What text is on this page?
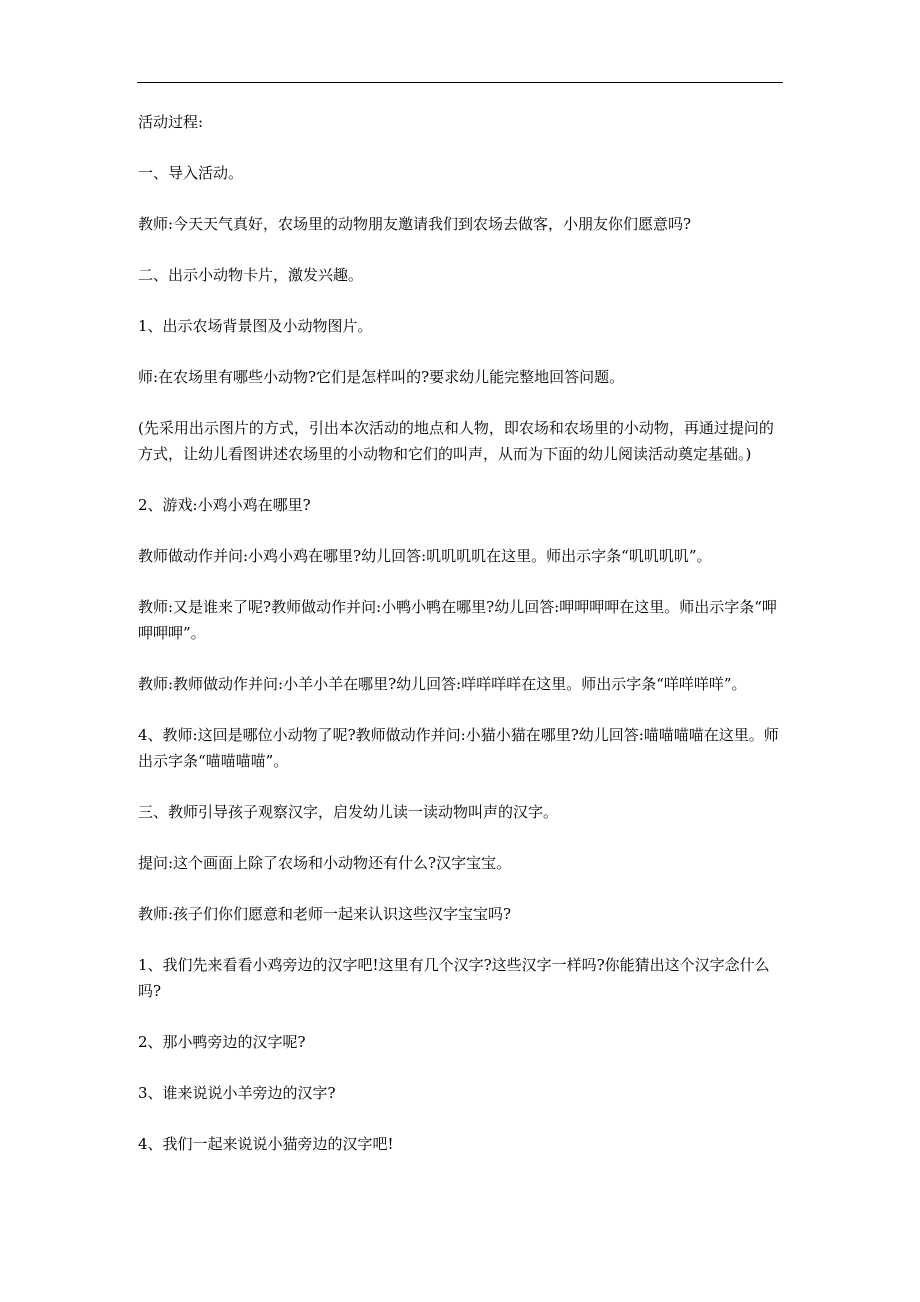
活动过程:

一、导入活动。

教师:今天天气真好，农场里的动物朋友邀请我们到农场去做客，小朋友你们愿意吗?

二、出示小动物卡片，激发兴趣。

1、出示农场背景图及小动物图片。

师:在农场里有哪些小动物?它们是怎样叫的?要求幼儿能完整地回答问题。

(先采用出示图片的方式，引出本次活动的地点和人物，即农场和农场里的小动物，再通过提问的方式，让幼儿看图讲述农场里的小动物和它们的叫声，从而为下面的幼儿阅读活动奠定基础。)

2、游戏:小鸡小鸡在哪里?

教师做动作并问:小鸡小鸡在哪里?幼儿回答:叽叽叽叽在这里。师出示字条“叽叽叽叽”。

教师:又是谁来了呢?教师做动作并问:小鸭小鸭在哪里?幼儿回答:呷呷呷呷在这里。师出示字条“呷呷呷呷”。

教师:教师做动作并问:小羊小羊在哪里?幼儿回答:咩咩咩咩在这里。师出示字条“咩咩咩咩”。

4、教师:这回是哪位小动物了呢?教师做动作并问:小猫小猫在哪里?幼儿回答:喵喵喵喵在这里。师出示字条“喵喵喵喵”。

三、教师引导孩子观察汉字，启发幼儿读一读动物叫声的汉字。

提问:这个画面上除了农场和小动物还有什么?汉字宝宝。

教师:孩子们你们愿意和老师一起来认识这些汉字宝宝吗?

1、我们先来看看小鸡旁边的汉字吧!这里有几个汉字?这些汉字一样吗?你能猜出这个汉字念什么吗?

2、那小鸭旁边的汉字呢?

3、谁来说说小羊旁边的汉字?

4、我们一起来说说小猫旁边的汉字吧!
